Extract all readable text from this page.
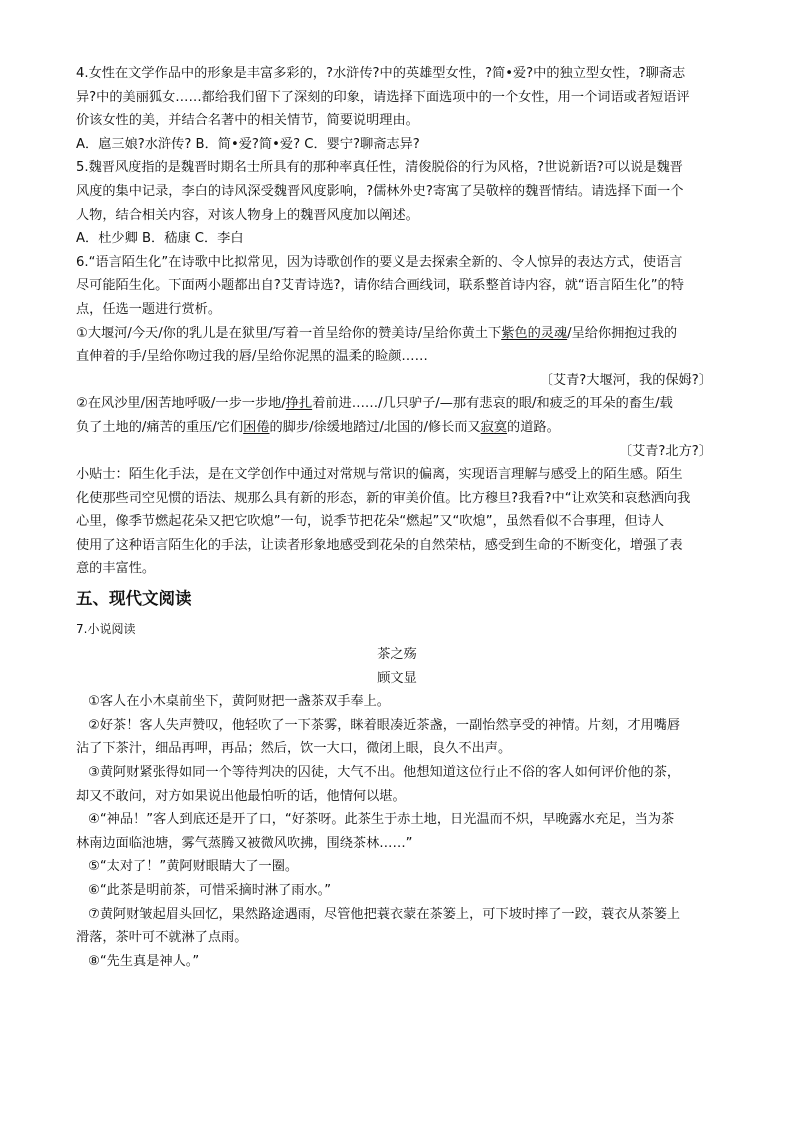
4.女性在文学作品中的形象是丰富多彩的，?水浒传?中的英雄型女性，?简•爱?中的独立型女性，?聊斋志
异?中的美丽狐女……都给我们留下了深刻的印象，请选择下面选项中的一个女性，用一个词语或者短语评
价该女性的美，并结合名著中的相关情节，简要说明理由。
A．扈三娘?水浒传? B．简•爱?简•爱? C．婴宁?聊斋志异?
5.魏晋风度指的是魏晋时期名士所具有的那种率真任性，清俊脱俗的行为风格，?世说新语?可以说是魏晋
风度的集中记录，李白的诗风深受魏晋风度影响，?儒林外史?寄寓了吴敬梓的魏晋情结。请选择下面一个
人物，结合相关内容，对该人物身上的魏晋风度加以阐述。
A．杜少卿 B．嵇康 C．李白
6.“语言陌生化”在诗歌中比拟常见，因为诗歌创作的要义是去探索全新的、令人惊异的表达方式，使语言
尽可能陌生化。下面两小题都出自?艾青诗选?，请你结合画线词，联系整首诗内容，就“语言陌生化”的特
点，任选一题进行赏析。
①大堰河/今天/你的乳儿是在狱里/写着一首呈给你的赞美诗/呈给你黄土下紫色的灵魂/呈给你拥抱过我的
直伸着的手/呈给你吻过我的唇/呈给你泥黑的温柔的睑颜……
〔艾青?大堰河，我的保姆?〕
②在风沙里/困苦地呼吸/一步一步地/挣扎着前进……/几只驴子/—那有悲哀的眼/和疲乏的耳朵的畜生/载
负了土地的/痛苦的重压/它们困倦的脚步/徐缓地踏过/北国的/修长而又寂寞的道路。
〔艾青?北方?〕
小贴士：陌生化手法，是在文学创作中通过对常规与常识的偏离，实现语言理解与感受上的陌生感。陌生
化使那些司空见惯的语法、规那么具有新的形态，新的审美价值。比方穆旦?我看?中“让欢笑和哀愁洒向我
心里，像季节燃起花朵又把它吹熄”一句，说季节把花朵“燃起”又“吹熄”，虽然看似不合事理，但诗人
使用了这种语言陌生化的手法，让读者形象地感受到花朵的自然荣枯，感受到生命的不断变化，增强了表
意的丰富性。
五、现代文阅读
7.小说阅读
茶之殇
顾文显
①客人在小木桌前坐下，黄阿财把一盏茶双手奉上。
②好茶！客人失声赞叹，他轻吹了一下茶雾，眯着眼凑近茶盏，一副怡然享受的神情。片刻，才用嘴唇
沾了下茶汁，细品再呷，再品；然后，饮一大口，微闭上眼，良久不出声。
③黄阿财紧张得如同一个等待判决的囚徒，大气不出。他想知道这位行止不俗的客人如何评价他的茶，
却又不敢问，对方如果说出他最怕听的话，他情何以堪。
④“神品！”客人到底还是开了口，“好茶呀。此茶生于赤土地，日光温而不炽，早晚露水充足，当为茶
林南边面临池塘，雾气蒸腾又被微风吹拂，围绕茶林……”
⑤“太对了！”黄阿财眼睛大了一圈。
⑥“此茶是明前茶，可惜采摘时淋了雨水。”
⑦黄阿财皱起眉头回忆，果然路途遇雨，尽管他把蓑衣蒙在茶篓上，可下坡时摔了一跤，蓑衣从茶篓上
滑落，茶叶可不就淋了点雨。
⑧“先生真是神人。”
